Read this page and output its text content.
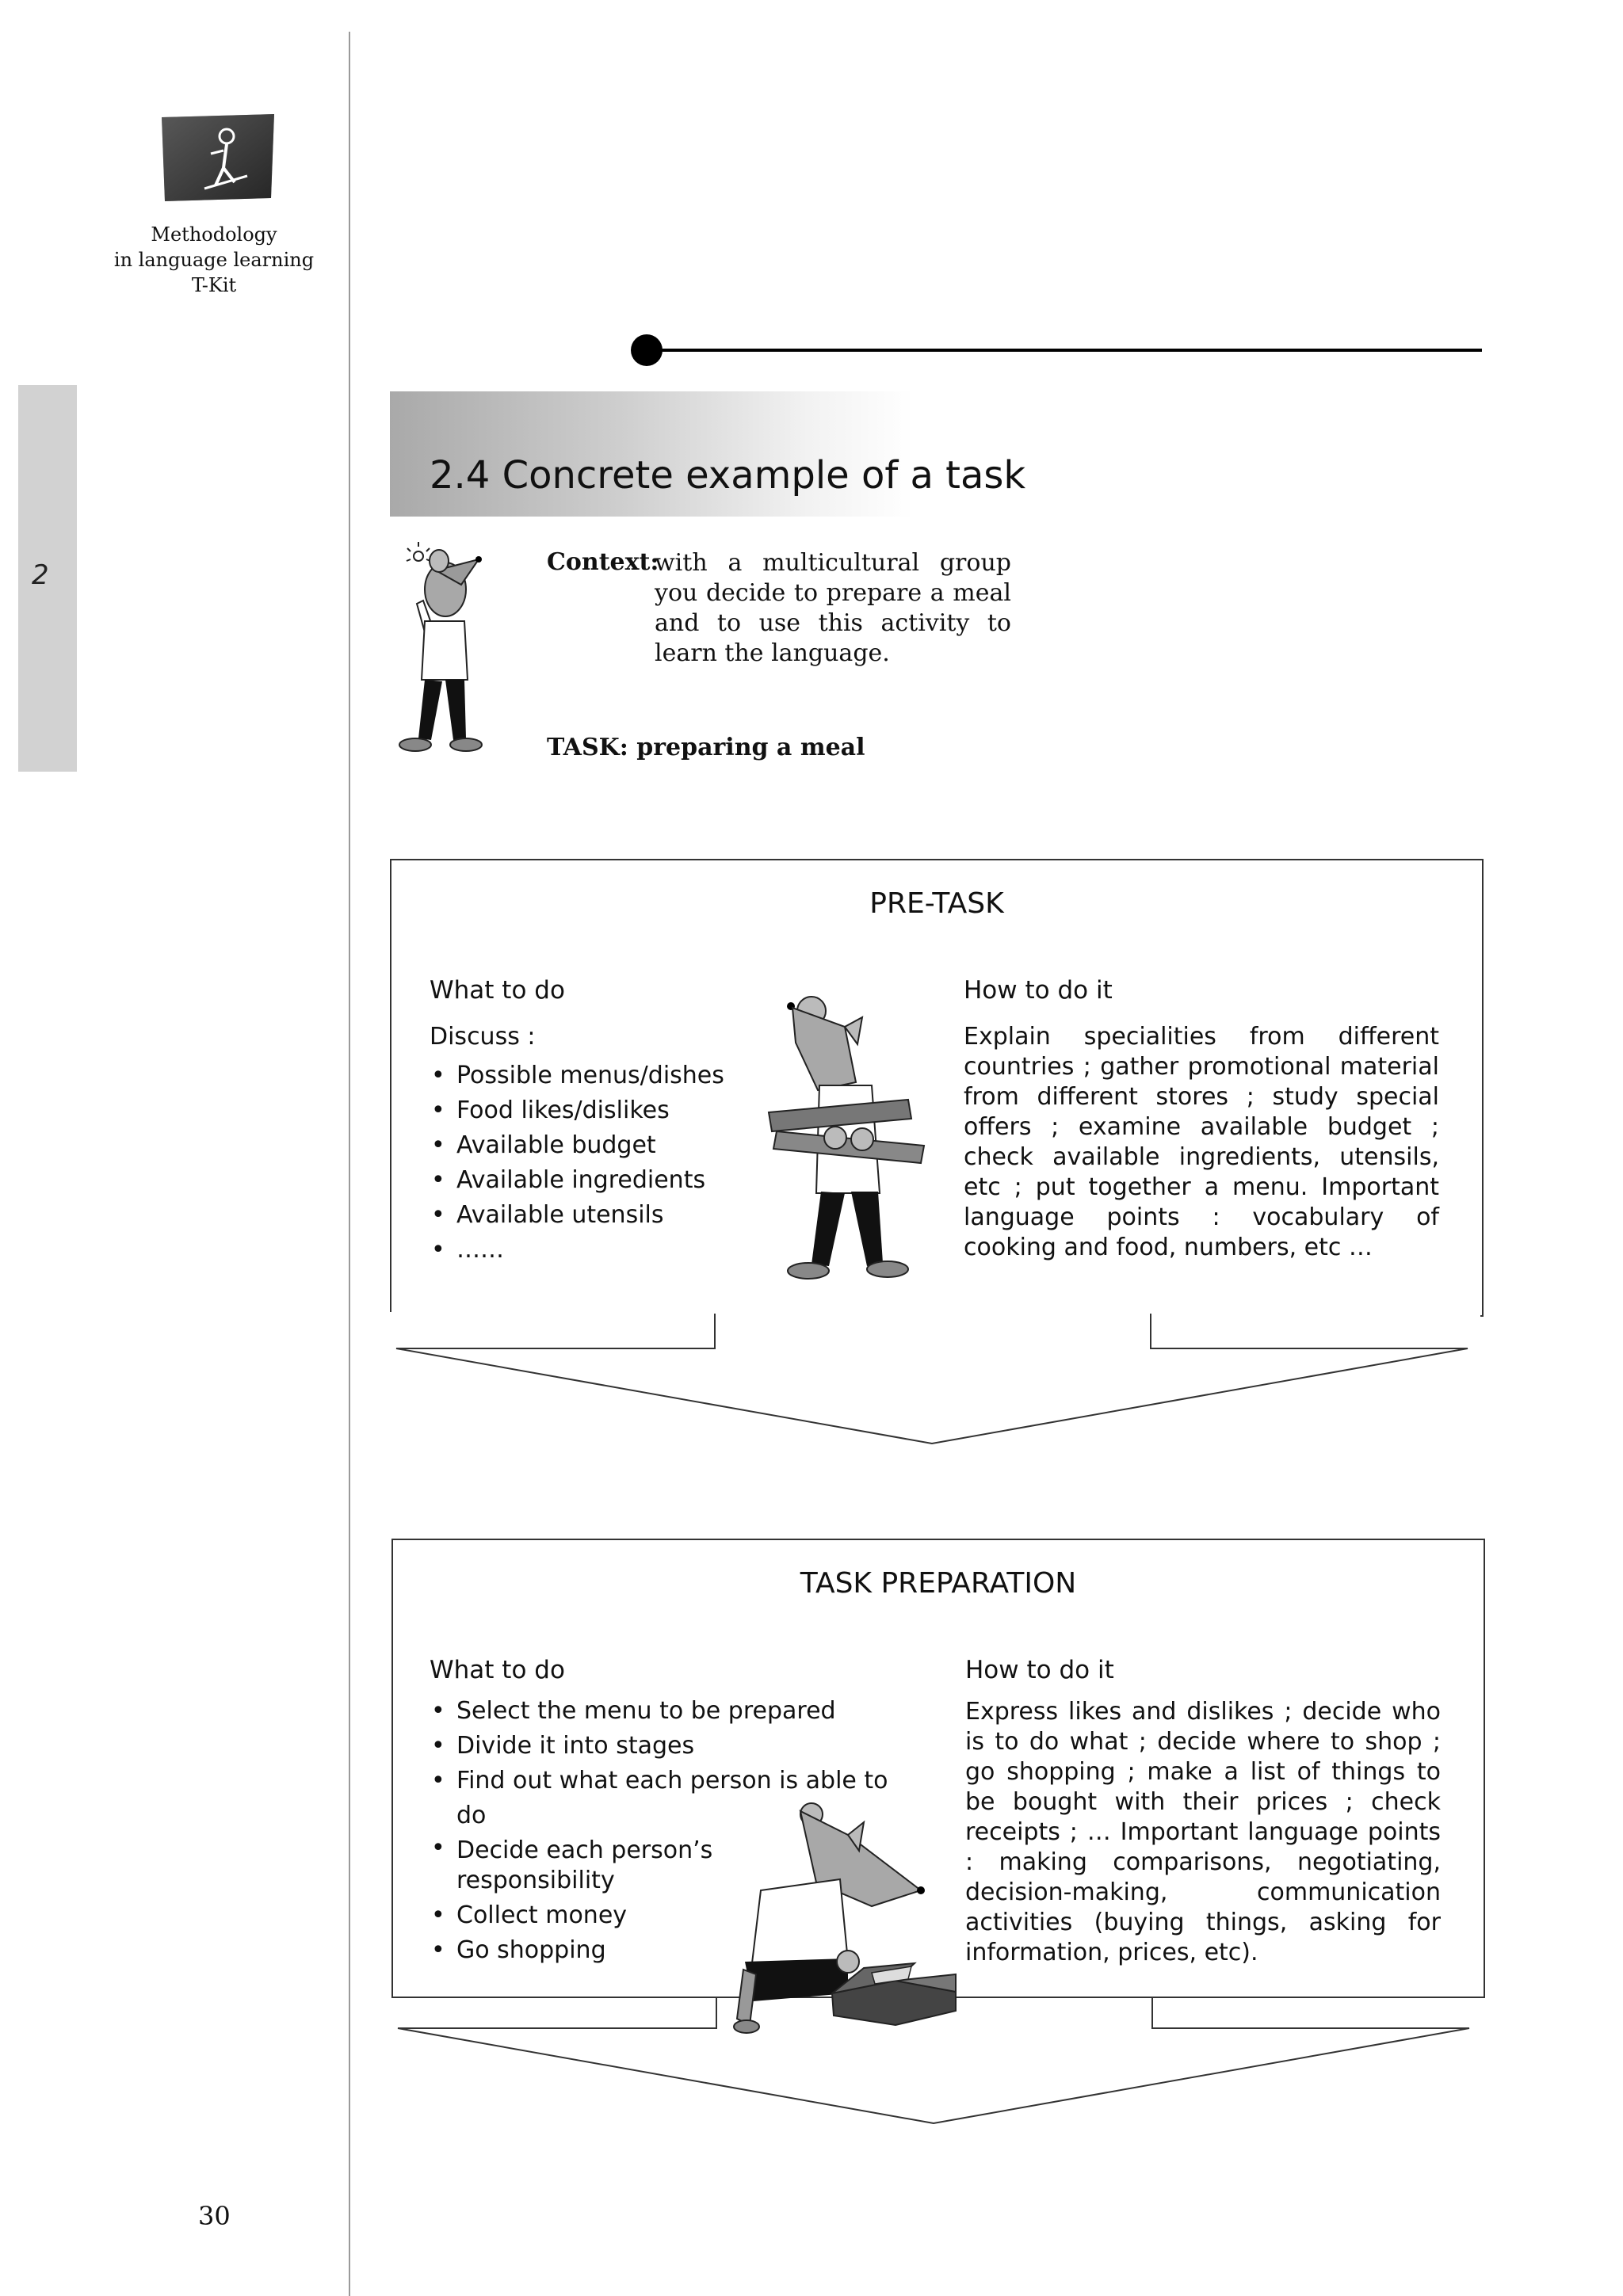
2
Methodology
in language learning
T-Kit
30
2.4 Concrete example of a task
Context:
with a multicultural group you decide to prepare a meal and to use this activity to learn the language.
TASK: preparing a meal
PRE-TASK
What to do
Discuss :
• Possible menus/dishes
• Food likes/dislikes
• Available budget
• Available ingredients
• Available utensils
• ……
How to do it
Explain specialities from different countries ; gather promotional material from different stores ; study special offers ; examine available budget ; check available ingredients, utensils, etc ; put together a menu. Important language points : vocabulary of cooking and food, numbers, etc …
TASK PREPARATION
What to do
• Select the menu to be prepared
• Divide it into stages
• Find out what each person is able to do
• Decide each person’s responsibility
• Collect money
• Go shopping
How to do it
Express likes and dislikes ; decide who is to do what ; decide where to shop ; go shopping ; make a list of things to be bought with their prices ; check receipts ; … Important language points : making comparisons, negotiating, decision-making, communication activities (buying things, asking for information, prices, etc).
